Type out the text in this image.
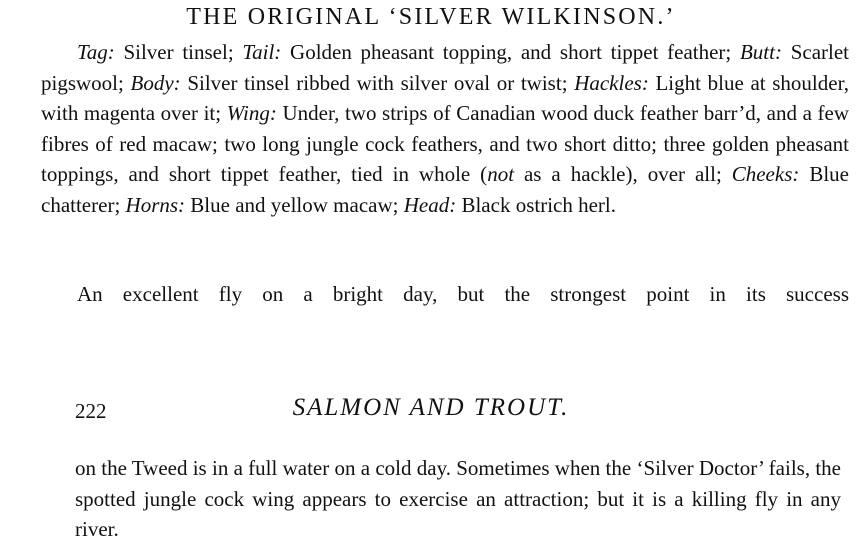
THE ORIGINAL ‘SILVER WILKINSON.’

Tag: Silver tinsel; Tail: Golden pheasant topping, and short tippet feather; Butt: Scarlet pigswool; Body: Silver tinsel ribbed with silver oval or twist; Hackles: Light blue at shoulder, with magenta over it; Wing: Under, two strips of Canadian wood duck feather barr’d, and a few fibres of red macaw; two long jungle cock feathers, and two short ditto; three golden pheasant toppings, and short tippet feather, tied in whole (not as a hackle), over all; Cheeks: Blue chatterer; Horns: Blue and yellow macaw; Head: Black ostrich herl.

An excellent fly on a bright day, but the strongest point in its success
222	SALMON AND TROUT.
on the Tweed is in a full water on a cold day. Sometimes when the ‘Silver Doctor’ fails, the spotted jungle cock wing appears to exercise an attraction; but it is a killing fly in any river.
